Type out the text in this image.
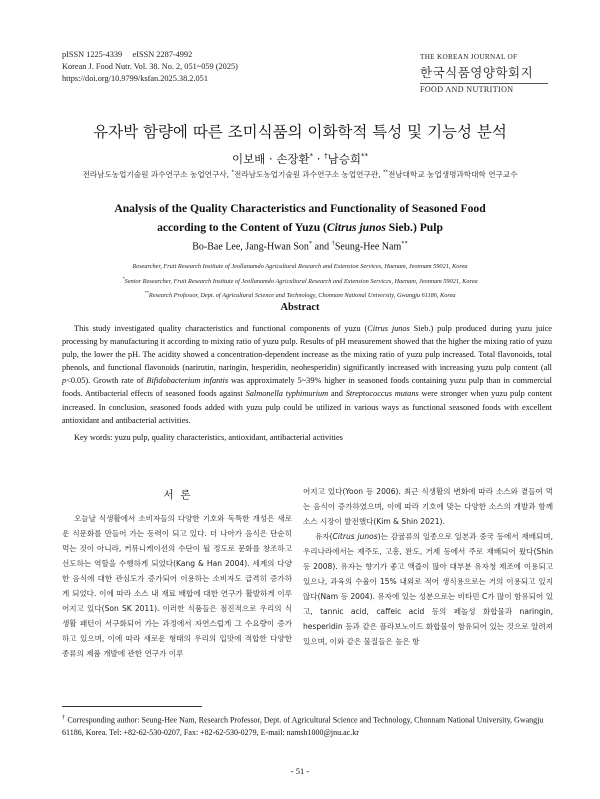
pISSN 1225-4339     eISSN 2287-4992
Korean J. Food Nutr. Vol. 38. No. 2, 051~059 (2025)
https://doi.org/10.9799/ksfan.2025.38.2.051
THE KOREAN JOURNAL OF
한국식품영양학회지
FOOD AND NUTRITION
유자박 함량에 따른 조미식품의 이화학적 특성 및 기능성 분석
이보배 · 손장환* · †남승희**
전라남도농업기술원 과수연구소 농업연구사, *전라남도농업기술원 과수연구소 농업연구관, **전남대학교 농업생명과학대학 연구교수
Analysis of the Quality Characteristics and Functionality of Seasoned Food
according to the Content of Yuzu (Citrus junos Sieb.) Pulp
Bo-Bae Lee, Jang-Hwan Son* and †Seung-Hee Nam**
Researcher, Fruit Research Institute of Jeollanamdo Agricultural Research and Extension Services, Haenam, Jeonnam 59021, Korea
*Senior Researcher, Fruit Research Institute of Jeollanamdo Agricultural Research and Extension Services, Haenam, Jeonnam 59021, Korea
**Research Professor, Dept. of Agricultural Science and Technology, Chonnam National University, Gwangju 61186, Korea
Abstract
This study investigated quality characteristics and functional components of yuzu (Citrus junos Sieb.) pulp produced during yuzu juice processing by manufacturing it according to mixing ratio of yuzu pulp. Results of pH measurement showed that the higher the mixing ratio of yuzu pulp, the lower the pH. The acidity showed a concentration-dependent increase as the mixing ratio of yuzu pulp increased. Total flavonoids, total phenols, and functional flavonoids (narirutin, naringin, hesperidin, neohesperidin) significantly increased with increasing yuzu pulp content (all p<0.05). Growth rate of Bifidobacterium infantis was approximately 5~39% higher in seasoned foods containing yuzu pulp than in commercial foods. Antibacterial effects of seasoned foods against Salmonella typhimurium and Streptococcus mutans were stronger when yuzu pulp content increased. In conclusion, seasoned foods added with yuzu pulp could be utilized in various ways as functional seasoned foods with excellent antioxidant and antibacterial activities.
Key words: yuzu pulp, quality characteristics, antioxidant, antibacterial activities
서  론

오늘날 식생활에서 소비자들의 다양한 기호와 독특한 개성은 새로운 식문화를 만들어 가는 동력이 되고 있다. 더 나아가 음식은 단순히 먹는 것이 아니라, 커뮤니케이션의 수단이 될 정도로 문화를 창조하고 선도하는 역할을 수행하게 되었다(Kang & Han 2004). 세계의 다양한 음식에 대한 관심도가 증가되어 이용하는 소비자도 급격히 증가하게 되었다. 이에 따라 소스 내 재료 배합에 대한 연구가 활발하게 이루어지고 있다(Son SK 2011). 이러한 식품들은 점진적으로 우리의 식생활 패턴이 서구화되어 가는 과정에서 자연스럽게 그 수요량이 증가하고 있으며, 이에 따라 새로운 형태의 우리의 입맛에 적합한 다양한 종류의 제품 개발에 관한 연구가 이루

어지고 있다(Yoon 등 2006). 최근 식생활의 변화에 따라 소스와 곁들여 먹는 음식이 증가하였으며, 이에 따라 기호에 맞는 다양한 소스의 개발과 함께 소스 시장이 발전했다(Kim & Shin 2021).

유자(Citrus junos)는 감귤류의 일종으로 일본과 중국 등에서 재배되며, 우리나라에서는 제주도, 고흥, 완도, 거제 등에서 주로 재배되어 왔다(Shin 등 2008). 유자는 향기가 좋고 액즙이 많아 대부분 유자청 제조에 이용되고 있으나, 과육의 수율이 15% 내외로 적어 생식용으로는 거의 이용되고 있지 않다(Nam 등 2004). 유자에 있는 성분으로는 비타민 C가 많이 함유되어 있고, tannic acid, caffeic acid 등의 페놀성 화합물과 naringin, hesperidin 등과 같은 플라보노이드 화합물이 함유되어 있는 것으로 알려져 있으며, 이와 같은 물질들은 높은 항

† Corresponding author: Seung-Hee Nam, Research Professor, Dept. of Agricultural Science and Technology, Chonnam National University, Gwangju 61186, Korea. Tel: +82-62-530-0207, Fax: +82-62-530-0279, E-mail: namsh1000@jnu.ac.kr
- 51 -
